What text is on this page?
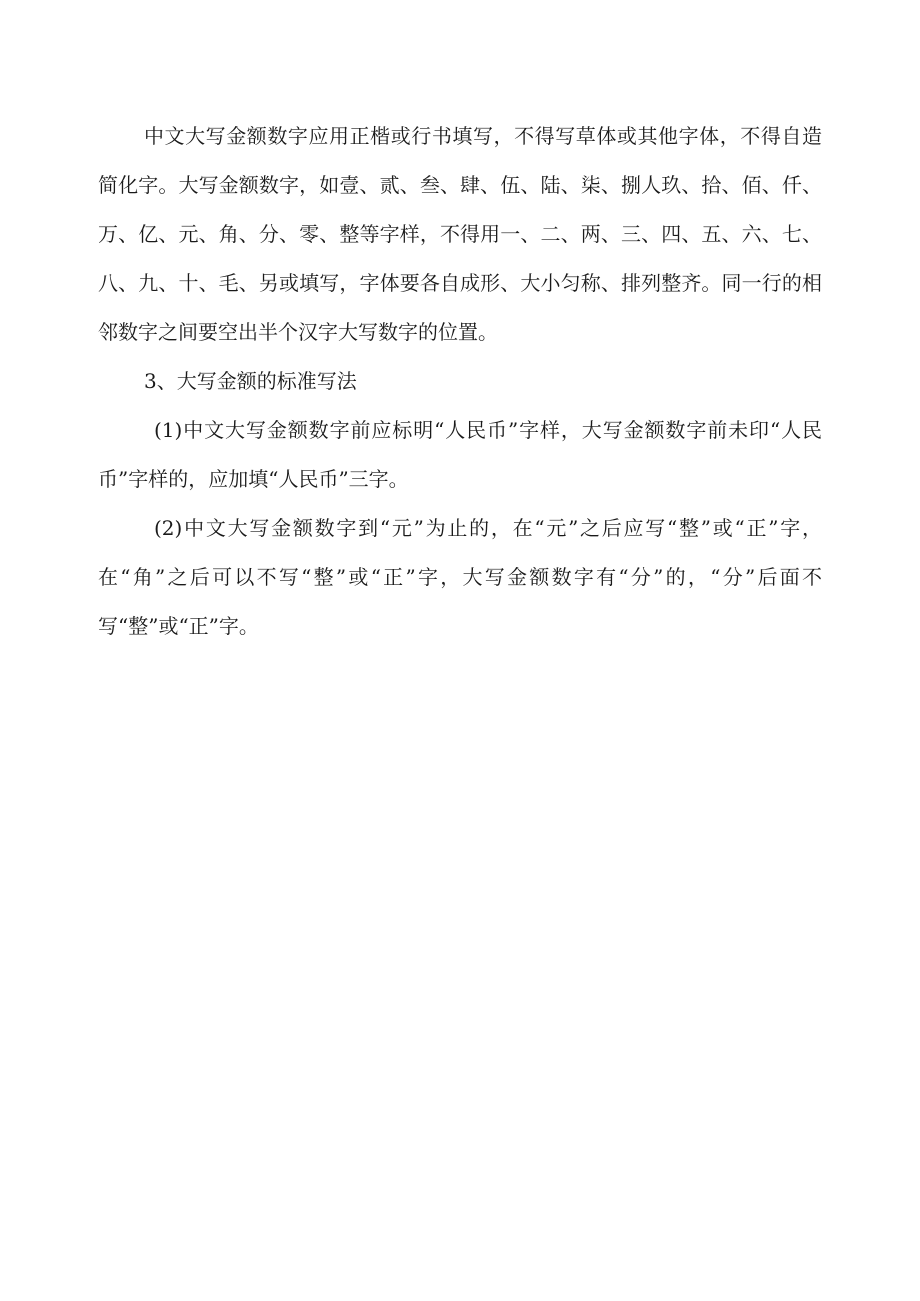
中文大写金额数字应用正楷或行书填写，不得写草体或其他字体，不得自造简化字。大写金额数字，如壹、贰、叁、肆、伍、陆、柒、捌人玖、拾、佰、仟、万、亿、元、角、分、零、整等字样，不得用一、二、两、三、四、五、六、七、八、九、十、毛、另或填写，字体要各自成形、大小匀称、排列整齐。同一行的相邻数字之间要空出半个汉字大写数字的位置。

3、大写金额的标准写法

(1)中文大写金额数字前应标明“人民币”字样，大写金额数字前未印“人民币”字样的，应加填“人民币”三字。

(2)中文大写金额数字到“元”为止的，在“元”之后应写“整”或“正”字，在“角”之后可以不写“整”或“正”字，大写金额数字有“分”的，“分”后面不写“整”或“正”字。
